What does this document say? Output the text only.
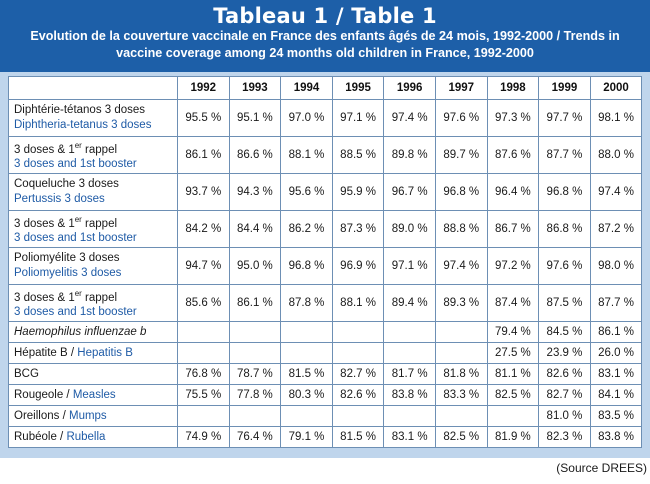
Tableau 1 / Table 1
Evolution de la couverture vaccinale en France des enfants âgés de 24 mois, 1992-2000 / Trends in vaccine coverage among 24 months old children in France, 1992-2000
	1992	1993	1994	1995	1996	1997	1998	1999	2000

Diphtérie-tétanos 3 doses
Diphtheria-tetanus 3 doses	95.5 %	95.1 %	97.0 %	97.1 %	97.4 %	97.6 %	97.3 %	97.7 %	98.1 %

3 doses & 1er rappel
3 doses and 1st booster	86.1 %	86.6 %	88.1 %	88.5 %	89.8 %	89.7 %	87.6 %	87.7 %	88.0 %

Coqueluche 3 doses
Pertussis 3 doses	93.7 %	94.3 %	95.6 %	95.9 %	96.7 %	96.8 %	96.4 %	96.8 %	97.4 %

3 doses & 1er rappel
3 doses and 1st booster	84.2 %	84.4 %	86.2 %	87.3 %	89.0 %	88.8 %	86.7 %	86.8 %	87.2 %

Poliomyélite 3 doses
Poliomyelitis 3 doses	94.7 %	95.0 %	96.8 %	96.9 %	97.1 %	97.4 %	97.2 %	97.6 %	98.0 %

3 doses & 1er rappel
3 doses and 1st booster	85.6 %	86.1 %	87.8 %	88.1 %	89.4 %	89.3 %	87.4 %	87.5 %	87.7 %
Haemophilus influenzae b							79.4 %	84.5 %	86.1 %
Hépatite B / Hepatitis B							27.5 %	23.9 %	26.0 %
BCG	76.8 %	78.7 %	81.5 %	82.7 %	81.7 %	81.8 %	81.1 %	82.6 %	83.1 %
Rougeole / Measles	75.5 %	77.8 %	80.3 %	82.6 %	83.8 %	83.3 %	82.5 %	82.7 %	84.1 %
Oreillons / Mumps								81.0 %	83.5 %
Rubéole / Rubella	74.9 %	76.4 %	79.1 %	81.5 %	83.1 %	82.5 %	81.9 %	82.3 %	83.8 %
(Source DREES)
